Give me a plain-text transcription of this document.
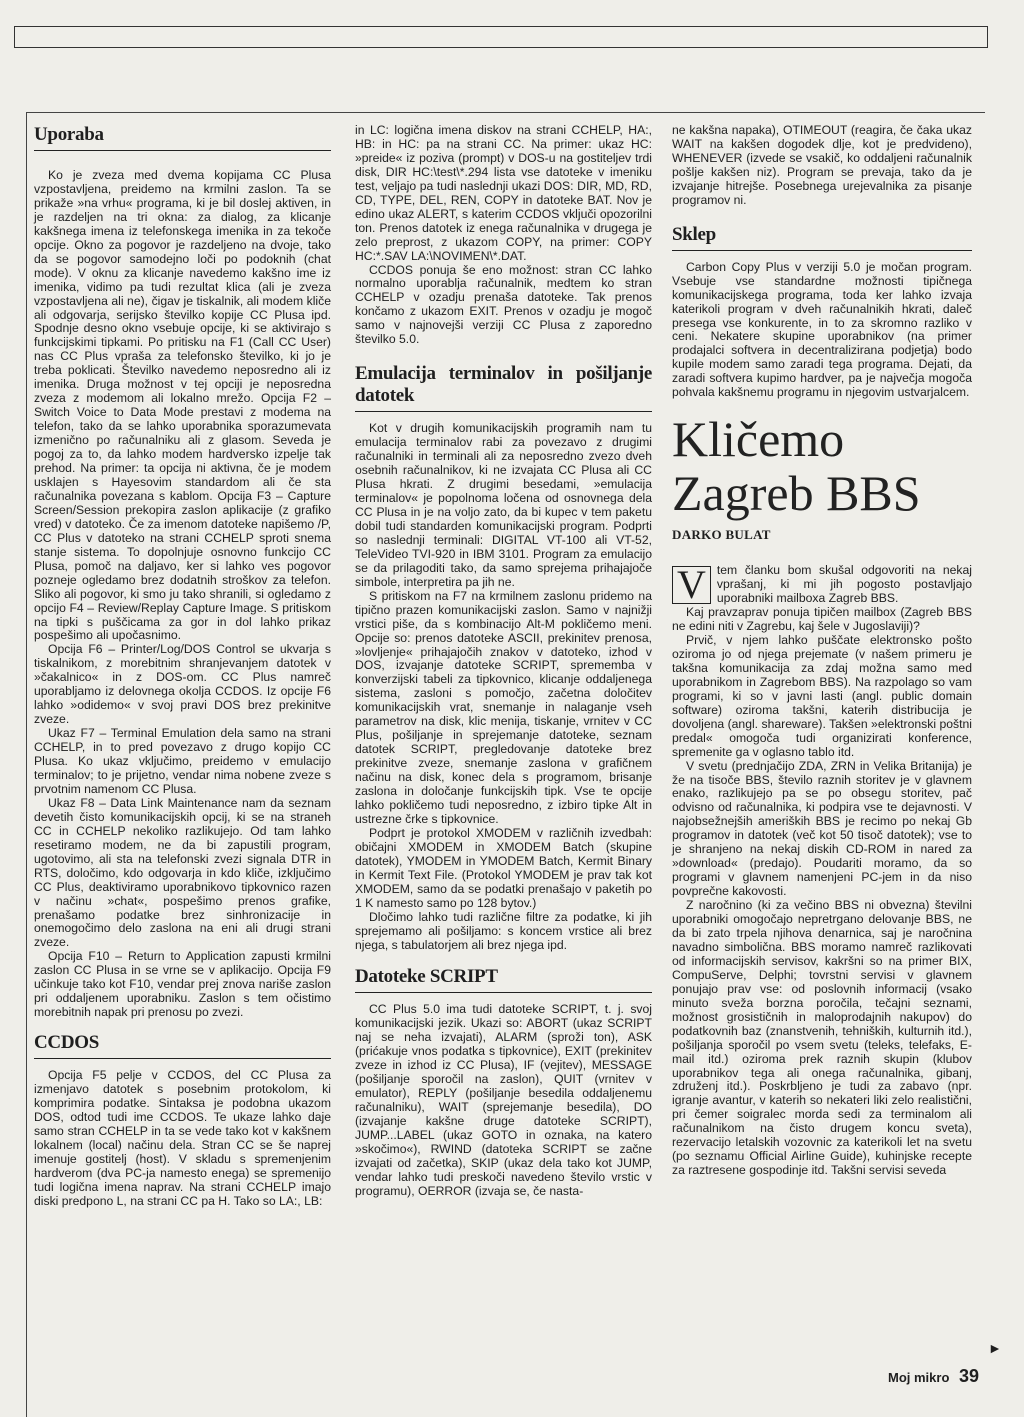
Uporaba

Ko je zveza med dvema kopijama CC Plusa vzpostavljena, preidemo na krmilni zaslon. Ta se prikaže »na vrhu« programa, ki je bil doslej aktiven, in je razdeljen na tri okna: za dialog, za klicanje kakšnega imena iz telefonskega imenika in za tekoče opcije. Okno za pogovor je razdeljeno na dvoje, tako da se pogovor samodejno loči po podoknih (chat mode). V oknu za klicanje navedemo kakšno ime iz imenika, vidimo pa tudi rezultat klica (ali je zveza vzpostavljena ali ne), čigav je tiskalnik, ali modem kliče ali odgovarja, serijsko številko kopije CC Plusa ipd. Spodnje desno okno vsebuje opcije, ki se aktivirajo s funkcijskimi tipkami. Po pritisku na F1 (Call CC User) nas CC Plus vpraša za telefonsko številko, ki jo je treba poklicati. Številko navedemo neposredno ali iz imenika. Druga možnost v tej opciji je neposredna zveza z modemom ali lokalno mrežo. Opcija F2 – Switch Voice to Data Mode prestavi z modema na telefon, tako da se lahko uporabnika sporazumevata izmenično po računalniku ali z glasom. Seveda je pogoj za to, da lahko modem hardversko izpelje tak prehod. Na primer: ta opcija ni aktivna, če je modem usklajen s Hayesovim standardom ali če sta računalnika povezana s kablom. Opcija F3 – Capture Screen/Session prekopira zaslon aplikacije (z grafiko vred) v datoteko. Če za imenom datoteke napišemo /P, CC Plus v datoteko na strani CCHELP sproti snema stanje sistema. To dopolnjuje osnovno funkcijo CC Plusa, pomoč na daljavo, ker si lahko ves pogovor pozneje ogledamo brez dodatnih stroškov za telefon. Sliko ali pogovor, ki smo ju tako shranili, si ogledamo z opcijo F4 – Review/Replay Capture Image. S pritiskom na tipki s puščicama za gor in dol lahko prikaz pospešimo ali upočasnimo.

Opcija F6 – Printer/Log/DOS Control se ukvarja s tiskalnikom, z morebitnim shranjevanjem datotek v »čakalnico« in z DOS-om. CC Plus namreč uporabljamo iz delovnega okolja CCDOS. Iz opcije F6 lahko »odidemo« v svoj pravi DOS brez prekinitve zveze.

Ukaz F7 – Terminal Emulation dela samo na strani CCHELP, in to pred povezavo z drugo kopijo CC Plusa. Ko ukaz vključimo, preidemo v emulacijo terminalov; to je prijetno, vendar nima nobene zveze s prvotnim namenom CC Plusa.

Ukaz F8 – Data Link Maintenance nam da seznam devetih čisto komunikacijskih opcij, ki se na straneh CC in CCHELP nekoliko razlikujejo. Od tam lahko resetiramo modem, ne da bi zapustili program, ugotovimo, ali sta na telefonski zvezi signala DTR in RTS, določimo, kdo odgovarja in kdo kliče, izključimo CC Plus, deaktiviramo uporabnikovo tipkovnico razen v načinu »chat«, pospešimo prenos grafike, prenašamo podatke brez sinhronizacije in onemogočimo delo zaslona na eni ali drugi strani zveze.

Opcija F10 – Return to Application zapusti krmilni zaslon CC Plusa in se vrne se v aplikacijo. Opcija F9 učinkuje tako kot F10, vendar prej znova nariše zaslon pri oddaljenem uporabniku. Zaslon s tem očistimo morebitnih napak pri prenosu po zvezi.

CCDOS

Opcija F5 pelje v CCDOS, del CC Plusa za izmenjavo datotek s posebnim protokolom, ki komprimira podatke. Sintaksa je podobna ukazom DOS, odtod tudi ime CCDOS. Te ukaze lahko daje samo stran CCHELP in ta se vede tako kot v kakšnem lokalnem (local) načinu dela. Stran CC se še naprej imenuje gostitelj (host). V skladu s spremenjenim hardverom (dva PC-ja namesto enega) se spremenijo tudi logična imena naprav. Na strani CCHELP imajo diski predpono L, na strani CC pa H. Tako so LA:, LB:

in LC: logična imena diskov na strani CCHELP, HA:, HB: in HC: pa na strani CC. Na primer: ukaz HC: »preide« iz poziva (prompt) v DOS-u na gostiteljev trdi disk, DIR HC:\test\*.294 lista vse datoteke v imeniku test, veljajo pa tudi naslednji ukazi DOS: DIR, MD, RD, CD, TYPE, DEL, REN, COPY in datoteke BAT. Nov je edino ukaz ALERT, s katerim CCDOS vključi opozorilni ton. Prenos datotek iz enega računalnika v drugega je zelo preprost, z ukazom COPY, na primer: COPY HC:*.SAV LA:\NOVIMEN\*.DAT.

CCDOS ponuja še eno možnost: stran CC lahko normalno uporablja računalnik, medtem ko stran CCHELP v ozadju prenaša datoteke. Tak prenos končamo z ukazom EXIT. Prenos v ozadju je mogoč samo v najnovejši verziji CC Plusa z zaporedno številko 5.0.

Emulacija terminalov in pošiljanje datotek

Kot v drugih komunikacijskih programih nam tu emulacija terminalov rabi za povezavo z drugimi računalniki in terminali ali za neposredno zvezo dveh osebnih računalnikov, ki ne izvajata CC Plusa ali CC Plusa hkrati. Z drugimi besedami, »emulacija terminalov« je popolnoma ločena od osnovnega dela CC Plusa in je na voljo zato, da bi kupec v tem paketu dobil tudi standarden komunikacijski program. Podprti so naslednji terminali: DIGITAL VT-100 ali VT-52, TeleVideo TVI-920 in IBM 3101. Program za emulacijo se da prilagoditi tako, da samo sprejema prihajajoče simbole, interpretira pa jih ne.

S pritiskom na F7 na krmilnem zaslonu pridemo na tipično prazen komunikacijski zaslon. Samo v najnižji vrstici piše, da s kombinacijo Alt-M pokličemo meni. Opcije so: prenos datoteke ASCII, prekinitev prenosa, »lovljenje« prihajajočih znakov v datoteko, izhod v DOS, izvajanje datoteke SCRIPT, sprememba v konverzijski tabeli za tipkovnico, klicanje oddaljenega sistema, zasloni s pomočjo, začetna določitev komunikacijskih vrat, snemanje in nalaganje vseh parametrov na disk, klic menija, tiskanje, vrnitev v CC Plus, pošiljanje in sprejemanje datoteke, seznam datotek SCRIPT, pregledovanje datoteke brez prekinitve zveze, snemanje zaslona v grafičnem načinu na disk, konec dela s programom, brisanje zaslona in določanje funkcijskih tipk. Vse te opcije lahko pokličemo tudi neposredno, z izbiro tipke Alt in ustrezne črke s tipkovnice.

Podprt je protokol XMODEM v različnih izvedbah: običajni XMODEM in XMODEM Batch (skupine datotek), YMODEM in YMODEM Batch, Kermit Binary in Kermit Text File. (Protokol YMODEM je prav tak kot XMODEM, samo da se podatki prenašajo v paketih po 1 K namesto samo po 128 bytov.)

Dločimo lahko tudi različne filtre za podatke, ki jih sprejemamo ali pošiljamo: s koncem vrstice ali brez njega, s tabulatorjem ali brez njega ipd.

Datoteke SCRIPT

CC Plus 5.0 ima tudi datoteke SCRIPT, t. j. svoj komunikacijski jezik. Ukazi so: ABORT (ukaz SCRIPT naj se neha izvajati), ALARM (sproži ton), ASK (prićakuje vnos podatka s tipkovnice), EXIT (prekinitev zveze in izhod iz CC Plusa), IF (vejitev), MESSAGE (pošiljanje sporočil na zaslon), QUIT (vrnitev v emulator), REPLY (pošiljanje besedila oddaljenemu računalniku), WAIT (sprejemanje besedila), DO (izvajanje kakšne druge datoteke SCRIPT), JUMP...LABEL (ukaz GOTO in oznaka, na katero »skočimo«), RWIND (datoteka SCRIPT se začne izvajati od začetka), SKIP (ukaz dela tako kot JUMP, vendar lahko tudi preskoči navedeno število vrstic v programu), OERROR (izvaja se, če nasta-

ne kakšna napaka), OTIMEOUT (reagira, če čaka ukaz WAIT na kakšen dogodek dlje, kot je predvideno), WHENEVER (izvede se vsakič, ko oddaljeni računalnik pošlje kakšen niz). Program se prevaja, tako da je izvajanje hitrejše. Posebnega urejevalnika za pisanje programov ni.

Sklep

Carbon Copy Plus v verziji 5.0 je močan program. Vsebuje vse standardne možnosti tipičnega komunikacijskega programa, toda ker lahko izvaja katerikoli program v dveh računalnikih hkrati, daleč presega vse konkurente, in to za skromno razliko v ceni. Nekatere skupine uporabnikov (na primer prodajalci softvera in decentralizirana podjetja) bodo kupile modem samo zaradi tega programa. Dejati, da zaradi softvera kupimo hardver, pa je največja mogoča pohvala kakšnemu programu in njegovim ustvarjalcem.

Kličemo
Zagreb BBS
DARKO BULAT

V tem članku bom skušal odgovoriti na nekaj vprašanj, ki mi jih pogosto postavljajo uporabniki mailboxa Zagreb BBS.

Kaj pravzaprav ponuja tipičen mailbox (Zagreb BBS ne edini niti v Zagrebu, kaj šele v Jugoslaviji)?

Prvič, v njem lahko puščate elektronsko pošto oziroma jo od njega prejemate (v našem primeru je takšna komunikacija za zdaj možna samo med uporabnikom in Zagrebom BBS). Na razpolago so vam programi, ki so v javni lasti (angl. public domain software) oziroma takšni, katerih distribucija je dovoljena (angl. shareware). Takšen »elektronski poštni predal« omogoča tudi organizirati konference, spremenite ga v oglasno tablo itd.

V svetu (prednjačijo ZDA, ZRN in Velika Britanija) je že na tisoče BBS, število raznih storitev je v glavnem enako, razlikujejo pa se po obsegu storitev, pač odvisno od računalnika, ki podpira vse te dejavnosti. V najobsežnejših ameriških BBS je recimo po nekaj Gb programov in datotek (več kot 50 tisoč datotek); vse to je shranjeno na nekaj diskih CD-ROM in nared za »download« (predajo). Poudariti moramo, da so programi v glavnem namenjeni PC-jem in da niso povprečne kakovosti.

Z naročnino (ki za večino BBS ni obvezna) številni uporabniki omogočajo nepretrgano delovanje BBS, ne da bi zato trpela njihova denarnica, saj je naročnina navadno simbolična. BBS moramo namreč razlikovati od informacijskih servisov, kakršni so na primer BIX, CompuServe, Delphi; tovrstni servisi v glavnem ponujajo prav vse: od poslovnih informacij (vsako minuto sveža borzna poročila, tečajni seznami, možnost grosističnih in maloprodajnih nakupov) do podatkovnih baz (znanstvenih, tehniških, kulturnih itd.), pošiljanja sporočil po vsem svetu (teleks, telefaks, E-mail itd.) oziroma prek raznih skupin (klubov uporabnikov tega ali onega računalnika, gibanj, združenj itd.). Poskrbljeno je tudi za zabavo (npr. igranje avantur, v katerih so nekateri liki zelo realistični, pri čemer soigralec morda sedi za terminalom ali računalnikom na čisto drugem koncu sveta), rezervacijo letalskih vozovnic za katerikoli let na svetu (po seznamu Official Airline Guide), kuhinjske recepte za raztresene gospodinje itd. Takšni servisi seveda

►
Moj mikro 39
